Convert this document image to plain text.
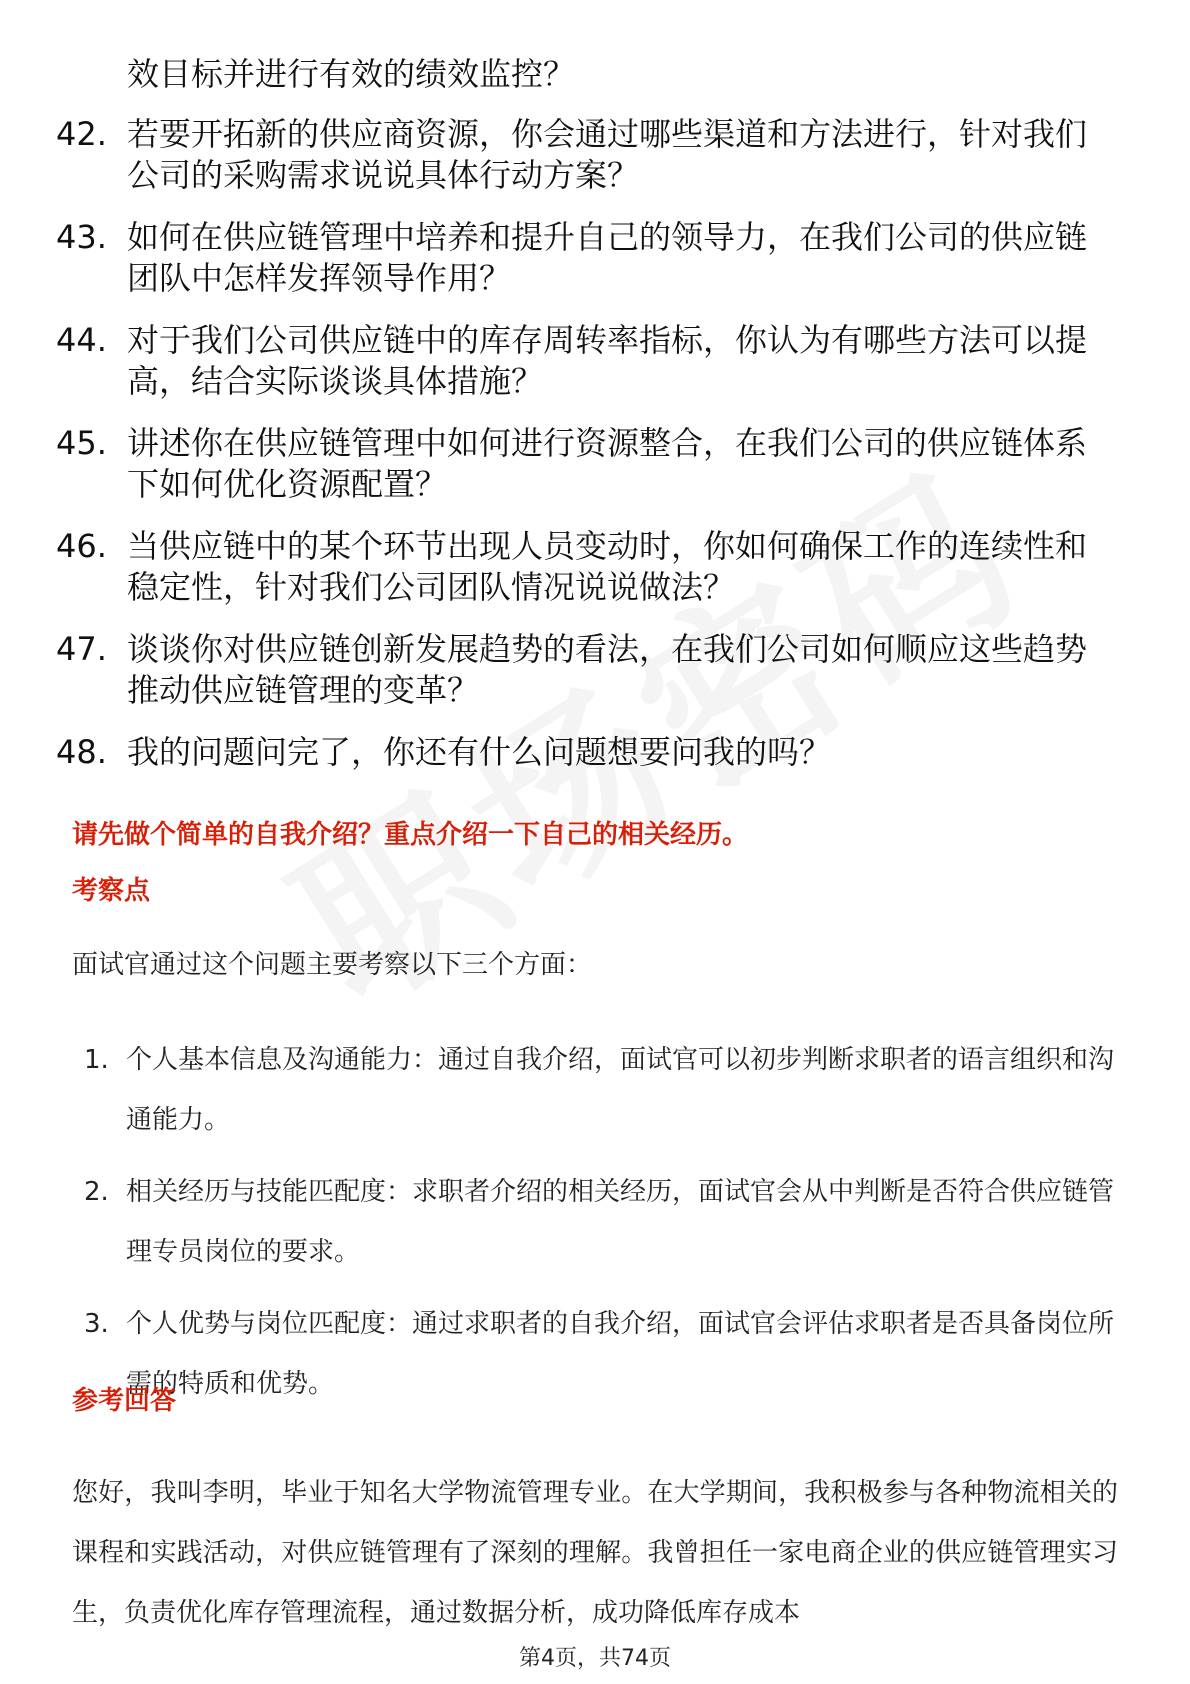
效目标并进行有效的绩效监控？
42. 若要开拓新的供应商资源，你会通过哪些渠道和方法进行，针对我们公司的采购需求说说具体行动方案？
43. 如何在供应链管理中培养和提升自己的领导力，在我们公司的供应链团队中怎样发挥领导作用？
44. 对于我们公司供应链中的库存周转率指标，你认为有哪些方法可以提高，结合实际谈谈具体措施？
45. 讲述你在供应链管理中如何进行资源整合，在我们公司的供应链体系下如何优化资源配置？
46. 当供应链中的某个环节出现人员变动时，你如何确保工作的连续性和稳定性，针对我们公司团队情况说说做法？
47. 谈谈你对供应链创新发展趋势的看法，在我们公司如何顺应这些趋势推动供应链管理的变革？
48. 我的问题问完了，你还有什么问题想要问我的吗？
请先做个简单的自我介绍？重点介绍一下自己的相关经历。
考察点
面试官通过这个问题主要考察以下三个方面：
1. 个人基本信息及沟通能力：通过自我介绍，面试官可以初步判断求职者的语言组织和沟通能力。
2. 相关经历与技能匹配度：求职者介绍的相关经历，面试官会从中判断是否符合供应链管理专员岗位的要求。
3. 个人优势与岗位匹配度：通过求职者的自我介绍，面试官会评估求职者是否具备岗位所需的特质和优势。
参考回答
您好，我叫李明，毕业于知名大学物流管理专业。在大学期间，我积极参与各种物流相关的课程和实践活动，对供应链管理有了深刻的理解。我曾担任一家电商企业的供应链管理实习生，负责优化库存管理流程，通过数据分析，成功降低库存成本
第4页，共74页
